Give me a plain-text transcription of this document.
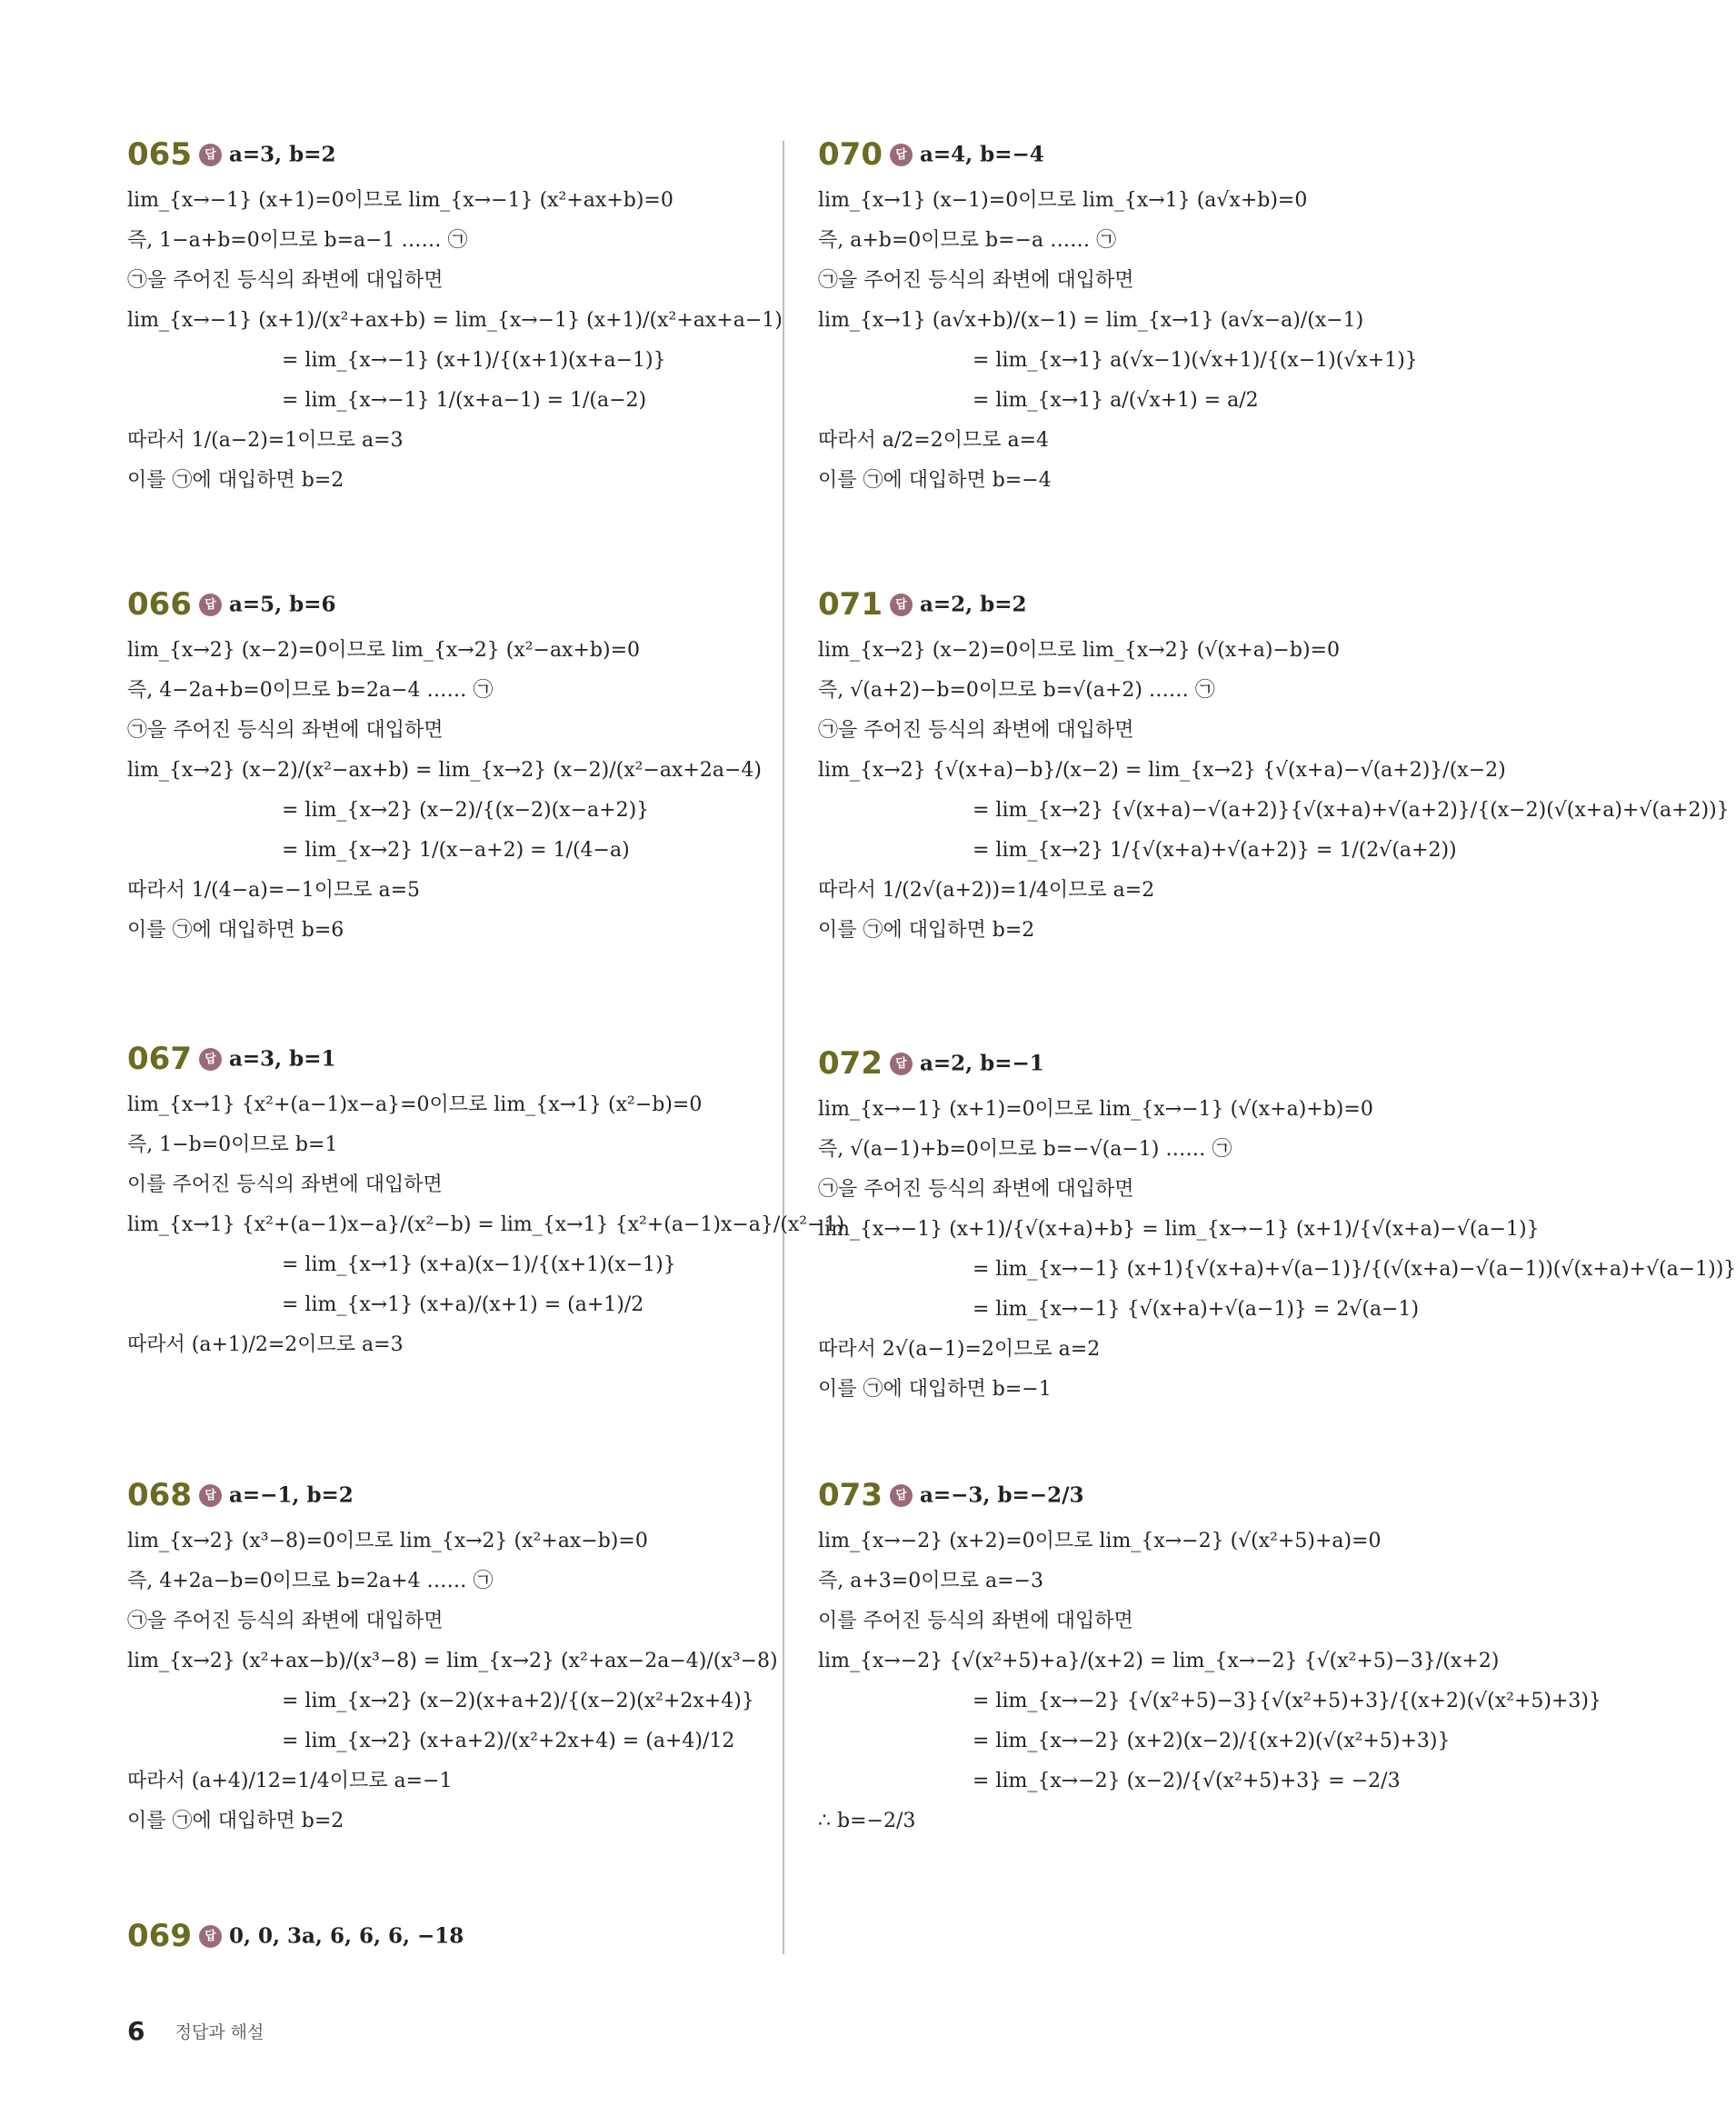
065 답 a=3, b=2
lim_{x→−1} (x+1)=0이므로 lim_{x→−1} (x²+ax+b)=0
즉, 1−a+b=0이므로 b=a−1 …… ㉠
㉠을 주어진 등식의 좌변에 대입하면
lim_{x→−1} (x+1)/(x²+ax+b) = lim_{x→−1} (x+1)/(x²+ax+a−1)
= lim_{x→−1} (x+1)/{(x+1)(x+a−1)}
= lim_{x→−1} 1/(x+a−1) = 1/(a−2)
따라서 1/(a−2)=1이므로 a=3
이를 ㉠에 대입하면 b=2
066 답 a=5, b=6
lim_{x→2} (x−2)=0이므로 lim_{x→2} (x²−ax+b)=0
즉, 4−2a+b=0이므로 b=2a−4 …… ㉠
㉠을 주어진 등식의 좌변에 대입하면
lim_{x→2} (x−2)/(x²−ax+b) = lim_{x→2} (x−2)/(x²−ax+2a−4)
= lim_{x→2} (x−2)/{(x−2)(x−a+2)}
= lim_{x→2} 1/(x−a+2) = 1/(4−a)
따라서 1/(4−a)=−1이므로 a=5
이를 ㉠에 대입하면 b=6
067 답 a=3, b=1
lim_{x→1} {x²+(a−1)x−a}=0이므로 lim_{x→1} (x²−b)=0
즉, 1−b=0이므로 b=1
이를 주어진 등식의 좌변에 대입하면
lim_{x→1} {x²+(a−1)x−a}/(x²−b) = lim_{x→1} {x²+(a−1)x−a}/(x²−1)
= lim_{x→1} (x+a)(x−1)/{(x+1)(x−1)}
= lim_{x→1} (x+a)/(x+1) = (a+1)/2
따라서 (a+1)/2=2이므로 a=3
068 답 a=−1, b=2
lim_{x→2} (x³−8)=0이므로 lim_{x→2} (x²+ax−b)=0
즉, 4+2a−b=0이므로 b=2a+4 …… ㉠
㉠을 주어진 등식의 좌변에 대입하면
lim_{x→2} (x²+ax−b)/(x³−8) = lim_{x→2} (x²+ax−2a−4)/(x³−8)
= lim_{x→2} (x−2)(x+a+2)/{(x−2)(x²+2x+4)}
= lim_{x→2} (x+a+2)/(x²+2x+4) = (a+4)/12
따라서 (a+4)/12=1/4이므로 a=−1
이를 ㉠에 대입하면 b=2
069 답 0, 0, 3a, 6, 6, 6, −18
070 답 a=4, b=−4
lim_{x→1} (x−1)=0이므로 lim_{x→1} (a√x+b)=0
즉, a+b=0이므로 b=−a …… ㉠
㉠을 주어진 등식의 좌변에 대입하면
lim_{x→1} (a√x+b)/(x−1) = lim_{x→1} (a√x−a)/(x−1)
= lim_{x→1} a(√x−1)(√x+1)/{(x−1)(√x+1)}
= lim_{x→1} a/(√x+1) = a/2
따라서 a/2=2이므로 a=4
이를 ㉠에 대입하면 b=−4
071 답 a=2, b=2
lim_{x→2} (x−2)=0이므로 lim_{x→2} (√(x+a)−b)=0
즉, √(a+2)−b=0이므로 b=√(a+2) …… ㉠
㉠을 주어진 등식의 좌변에 대입하면
lim_{x→2} {√(x+a)−b}/(x−2) = lim_{x→2} {√(x+a)−√(a+2)}/(x−2)
= lim_{x→2} {√(x+a)−√(a+2)}{√(x+a)+√(a+2)}/{(x−2)(√(x+a)+√(a+2))}
= lim_{x→2} 1/{√(x+a)+√(a+2)} = 1/(2√(a+2))
따라서 1/(2√(a+2))=1/4이므로 a=2
이를 ㉠에 대입하면 b=2
072 답 a=2, b=−1
lim_{x→−1} (x+1)=0이므로 lim_{x→−1} (√(x+a)+b)=0
즉, √(a−1)+b=0이므로 b=−√(a−1) …… ㉠
㉠을 주어진 등식의 좌변에 대입하면
lim_{x→−1} (x+1)/{√(x+a)+b} = lim_{x→−1} (x+1)/{√(x+a)−√(a−1)}
= lim_{x→−1} (x+1){√(x+a)+√(a−1)}/{(√(x+a)−√(a−1))(√(x+a)+√(a−1))}
= lim_{x→−1} {√(x+a)+√(a−1)} = 2√(a−1)
따라서 2√(a−1)=2이므로 a=2
이를 ㉠에 대입하면 b=−1
073 답 a=−3, b=−2/3
lim_{x→−2} (x+2)=0이므로 lim_{x→−2} (√(x²+5)+a)=0
즉, a+3=0이므로 a=−3
이를 주어진 등식의 좌변에 대입하면
lim_{x→−2} {√(x²+5)+a}/(x+2) = lim_{x→−2} {√(x²+5)−3}/(x+2)
= lim_{x→−2} {√(x²+5)−3}{√(x²+5)+3}/{(x+2)(√(x²+5)+3)}
= lim_{x→−2} (x+2)(x−2)/{(x+2)(√(x²+5)+3)}
= lim_{x→−2} (x−2)/{√(x²+5)+3} = −2/3
∴ b=−2/3
6 정답과 해설
